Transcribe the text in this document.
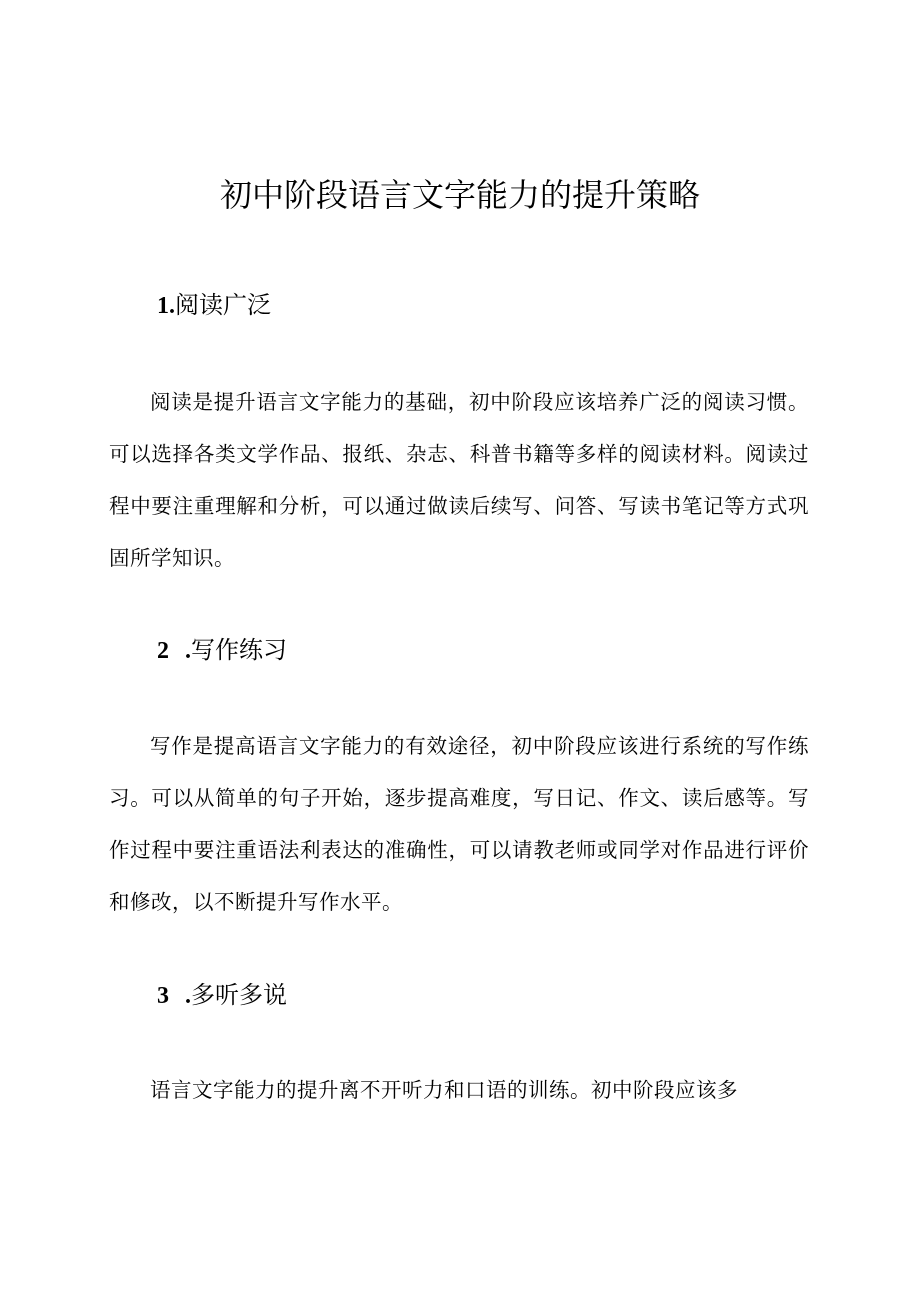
初中阶段语言文字能力的提升策略
1.阅读广泛

阅读是提升语言文字能力的基础，初中阶段应该培养广泛的阅读习惯。可以选择各类文学作品、报纸、杂志、科普书籍等多样的阅读材料。阅读过程中要注重理解和分析，可以通过做读后续写、问答、写读书笔记等方式巩固所学知识。

2 .写作练习

写作是提高语言文字能力的有效途径，初中阶段应该进行系统的写作练习。可以从简单的句子开始，逐步提高难度，写日记、作文、读后感等。写作过程中要注重语法利表达的准确性，可以请教老师或同学对作品进行评价和修改，以不断提升写作水平。

3 .多听多说

语言文字能力的提升离不开听力和口语的训练。初中阶段应该多
